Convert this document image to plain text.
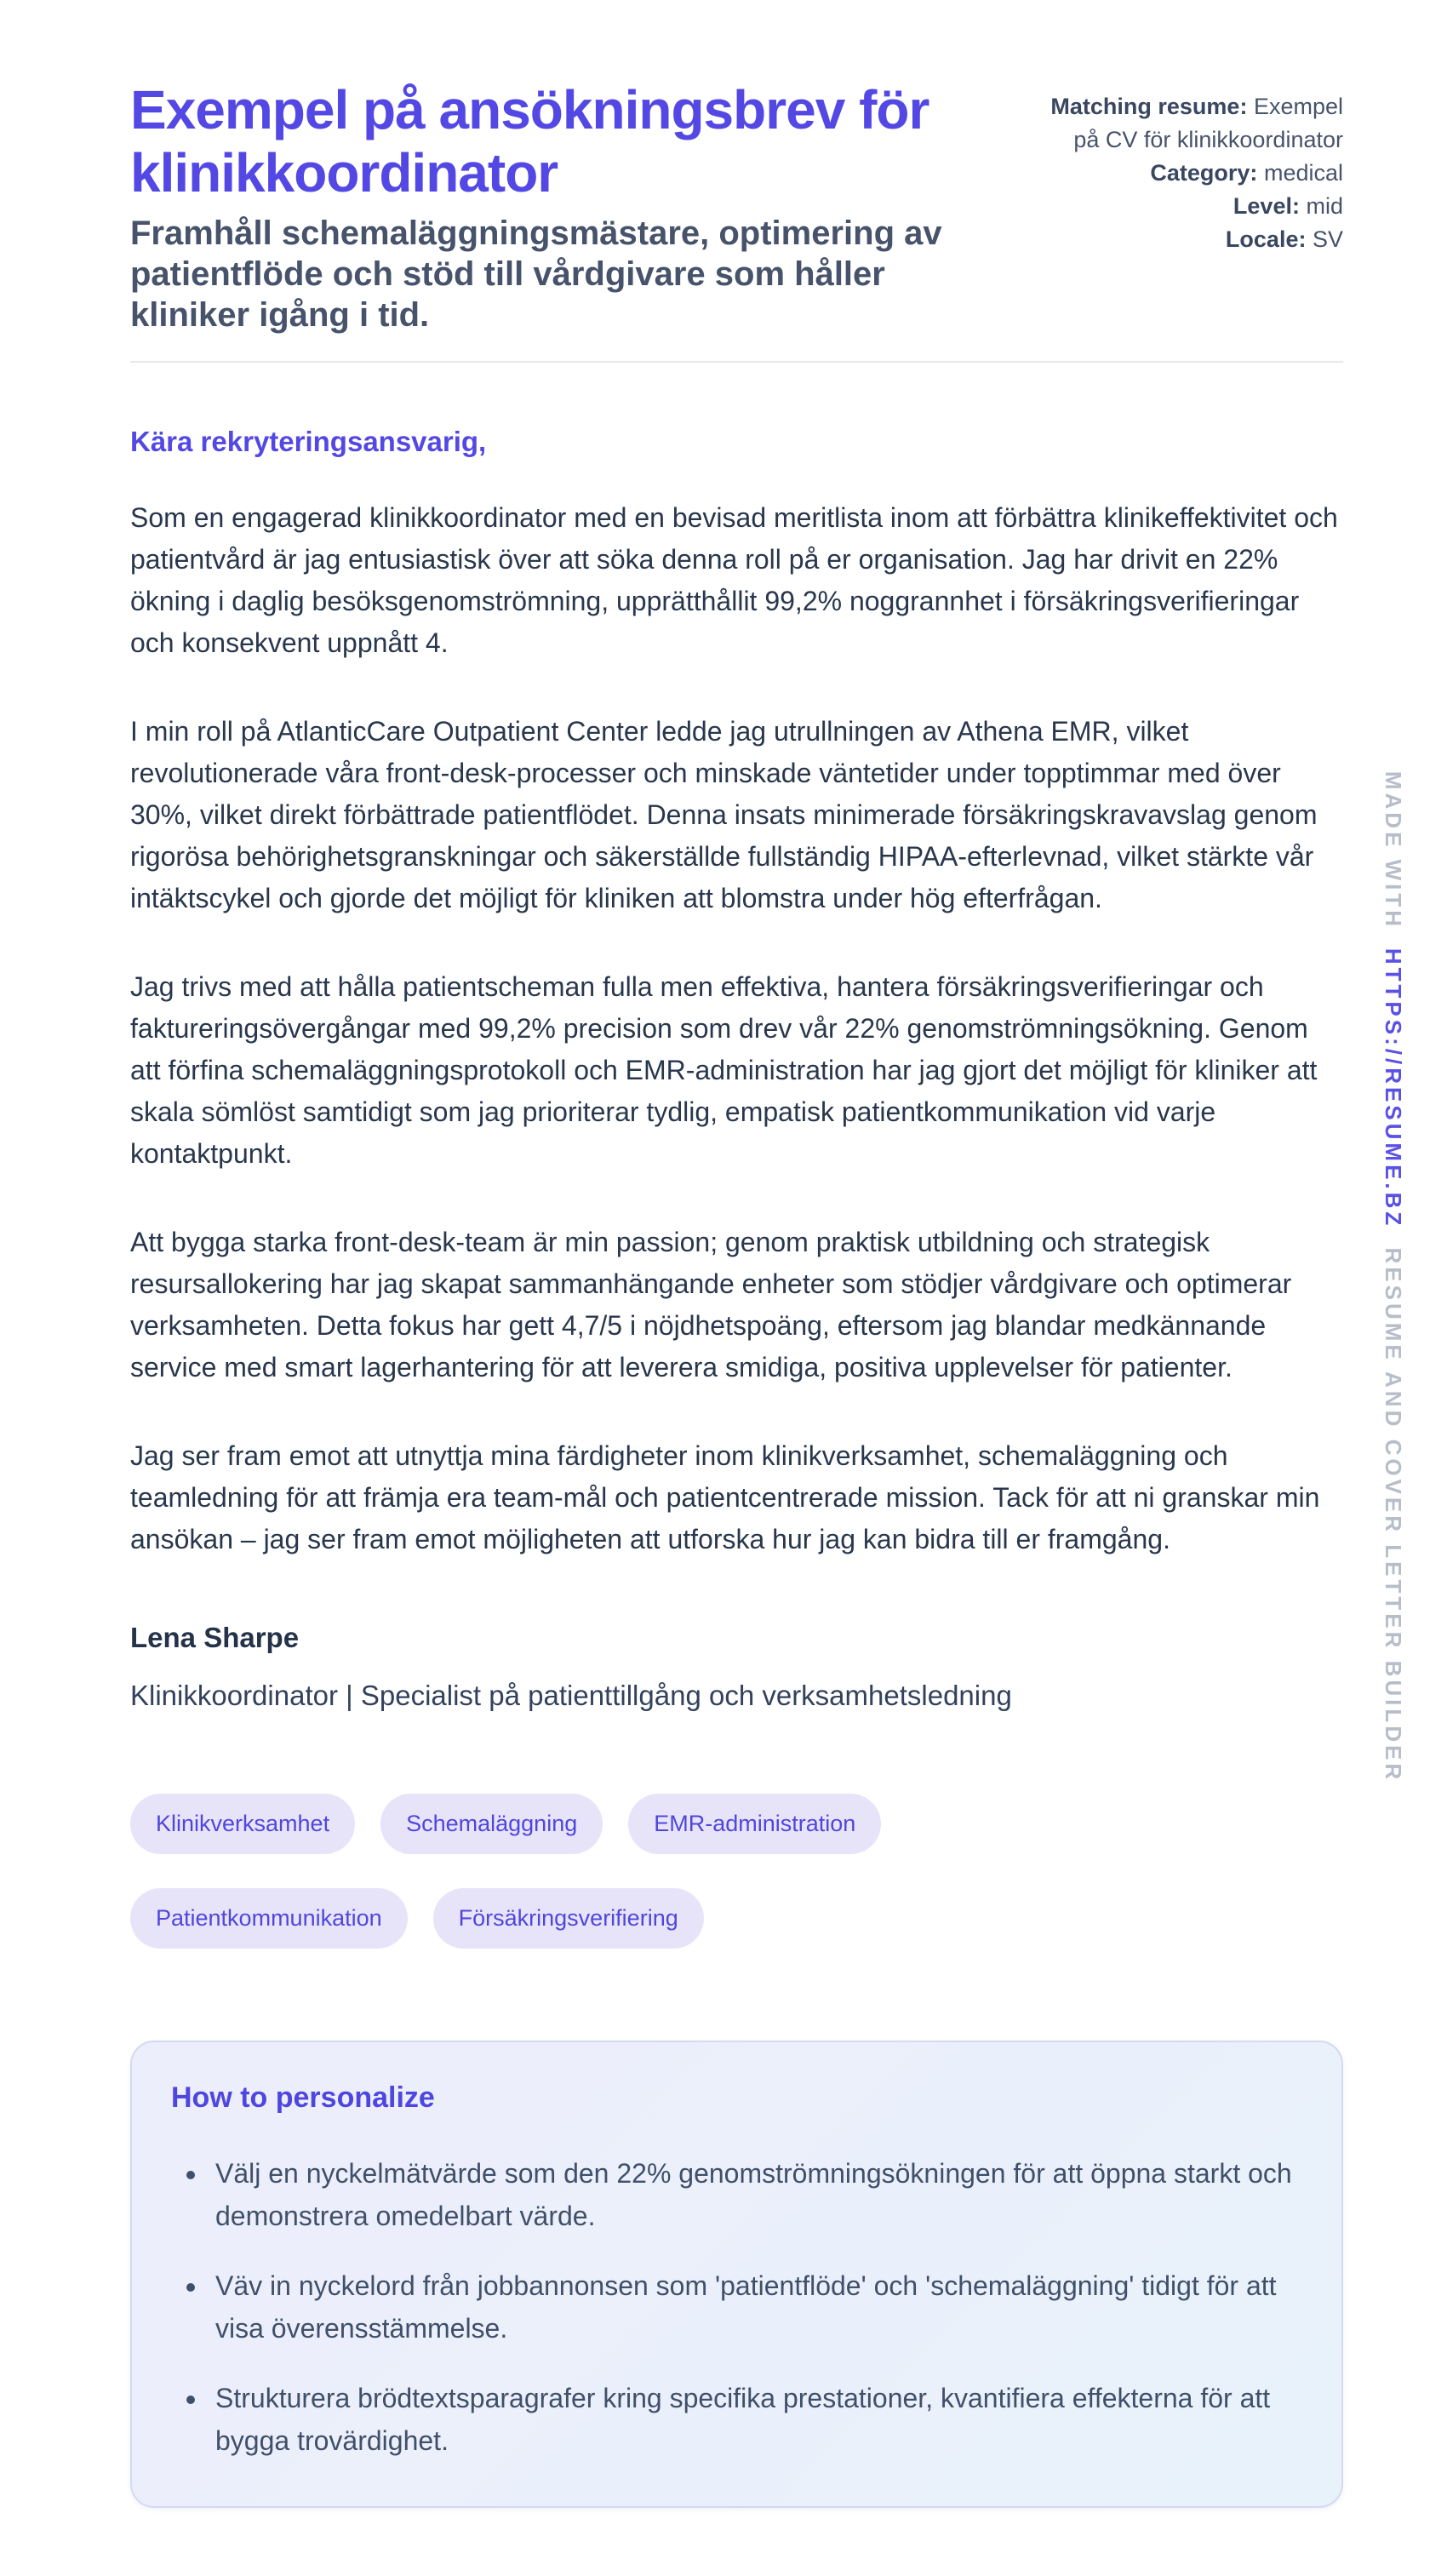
Exempel på ansökningsbrev för klinikkoordinator
Framhåll schemaläggningsmästare, optimering av patientflöde och stöd till vårdgivare som håller kliniker igång i tid.
Matching resume: Exempel på CV för klinikkoordinator
Category: medical
Level: mid
Locale: SV
Kära rekryteringsansvarig,

Som en engagerad klinikkoordinator med en bevisad meritlista inom att förbättra klinikeffektivitet och patientvård är jag entusiastisk över att söka denna roll på er organisation. Jag har drivit en 22% ökning i daglig besöksgenomströmning, upprätthållit 99,2% noggrannhet i försäkringsverifieringar och konsekvent uppnått 4.

I min roll på AtlanticCare Outpatient Center ledde jag utrullningen av Athena EMR, vilket revolutionerade våra front-desk-processer och minskade väntetider under topptimmar med över 30%, vilket direkt förbättrade patientflödet. Denna insats minimerade försäkringskravavslag genom rigorösa behörighetsgranskningar och säkerställde fullständig HIPAA-efterlevnad, vilket stärkte vår intäktscykel och gjorde det möjligt för kliniken att blomstra under hög efterfrågan.

Jag trivs med att hålla patientscheman fulla men effektiva, hantera försäkringsverifieringar och faktureringsövergångar med 99,2% precision som drev vår 22% genomströmningsökning. Genom att förfina schemaläggningsprotokoll och EMR-administration har jag gjort det möjligt för kliniker att skala sömlöst samtidigt som jag prioriterar tydlig, empatisk patientkommunikation vid varje kontaktpunkt.

Att bygga starka front-desk-team är min passion; genom praktisk utbildning och strategisk resursallokering har jag skapat sammanhängande enheter som stödjer vårdgivare och optimerar verksamheten. Detta fokus har gett 4,7/5 i nöjdhetspoäng, eftersom jag blandar medkännande service med smart lagerhantering för att leverera smidiga, positiva upplevelser för patienter.

Jag ser fram emot att utnyttja mina färdigheter inom klinikverksamhet, schemaläggning och teamledning för att främja era team-mål och patientcentrerade mission. Tack för att ni granskar min ansökan – jag ser fram emot möjligheten att utforska hur jag kan bidra till er framgång.

Lena Sharpe
Klinikkoordinator | Specialist på patienttillgång och verksamhetsledning
Klinikverksamhet	Schemaläggning	EMR-administration
Patientkommunikation	Försäkringsverifiering
How to personalize
• Välj en nyckelmätvärde som den 22% genomströmningsökningen för att öppna starkt och demonstrera omedelbart värde.
• Väv in nyckelord från jobbannonsen som 'patientflöde' och 'schemaläggning' tidigt för att visa överensstämmelse.
• Strukturera brödtextsparagrafer kring specifika prestationer, kvantifiera effekterna för att bygga trovärdighet.
MADE WITHHTTPS://RESUME.BZRESUME AND COVER LETTER BUILDER
